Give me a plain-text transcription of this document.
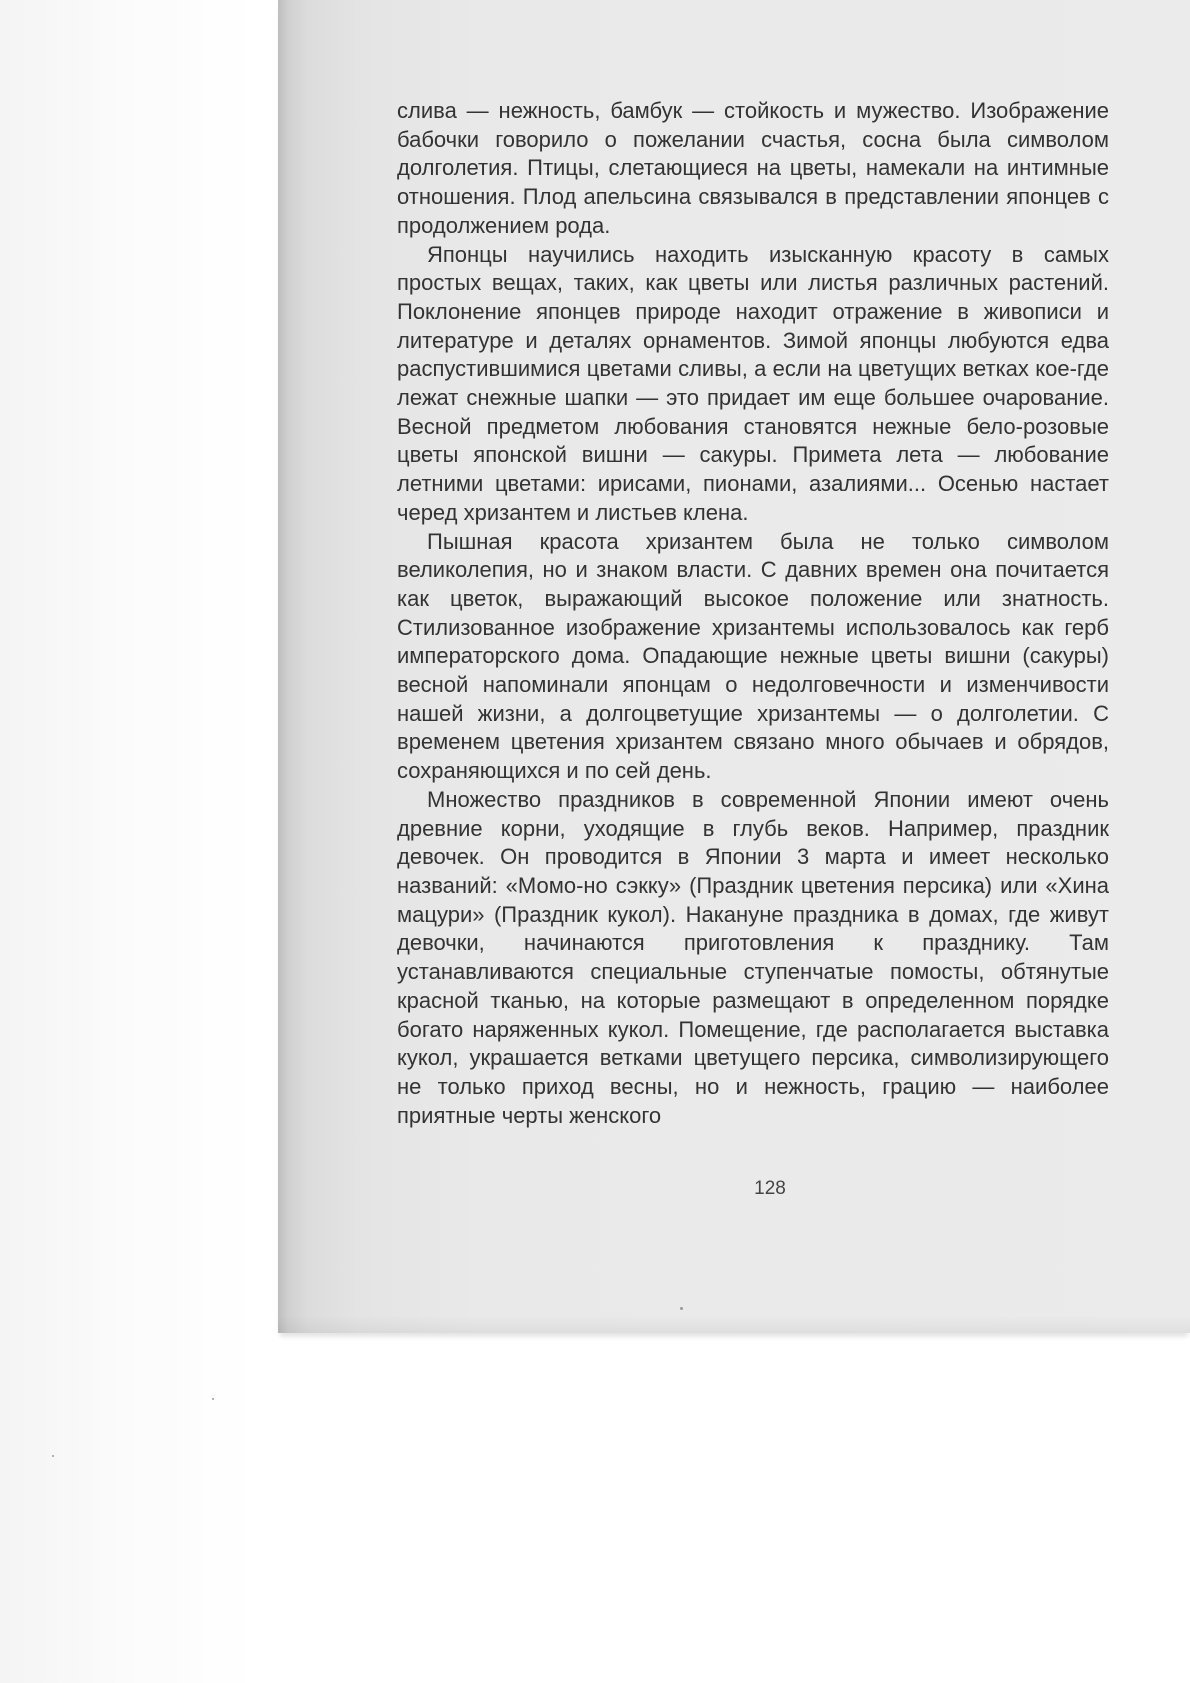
слива — нежность, бамбук — стойкость и мужество. Изображение бабочки говорило о пожелании счастья, сосна была символом долголетия. Птицы, слетающиеся на цветы, намекали на интимные отношения. Плод апельсина связывался в представлении японцев с продолжением рода.

Японцы научились находить изысканную красоту в самых простых вещах, таких, как цветы или листья различных растений. Поклонение японцев природе находит отражение в живописи и литературе и деталях орнаментов. Зимой японцы любуются едва распустившимися цветами сливы, а если на цветущих ветках кое-где лежат снежные шапки — это придает им еще большее очарование. Весной предметом любования становятся нежные бело-розовые цветы японской вишни — сакуры. Примета лета — любование летними цветами: ирисами, пионами, азалиями... Осенью настает черед хризантем и листьев клена.

Пышная красота хризантем была не только символом великолепия, но и знаком власти. С давних времен она почитается как цветок, выражающий высокое положение или знатность. Стилизованное изображение хризантемы использовалось как герб императорского дома. Опадающие нежные цветы вишни (сакуры) весной напоминали японцам о недолговечности и изменчивости нашей жизни, а долгоцветущие хризантемы — о долголетии. С временем цветения хризантем связано много обычаев и обрядов, сохраняющихся и по сей день.

Множество праздников в современной Японии имеют очень древние корни, уходящие в глубь веков. Например, праздник девочек. Он проводится в Японии 3 марта и имеет несколько названий: «Момо-но сэкку» (Праздник цветения персика) или «Хина мацури» (Праздник кукол). Накануне праздника в домах, где живут девочки, начинаются приготовления к празднику. Там устанавливаются специальные ступенчатые помосты, обтянутые красной тканью, на которые размещают в определенном порядке богато наряженных кукол. Помещение, где располагается выставка кукол, украшается ветками цветущего персика, символизирующего не только приход весны, но и нежность, грацию — наиболее приятные черты женского

128
